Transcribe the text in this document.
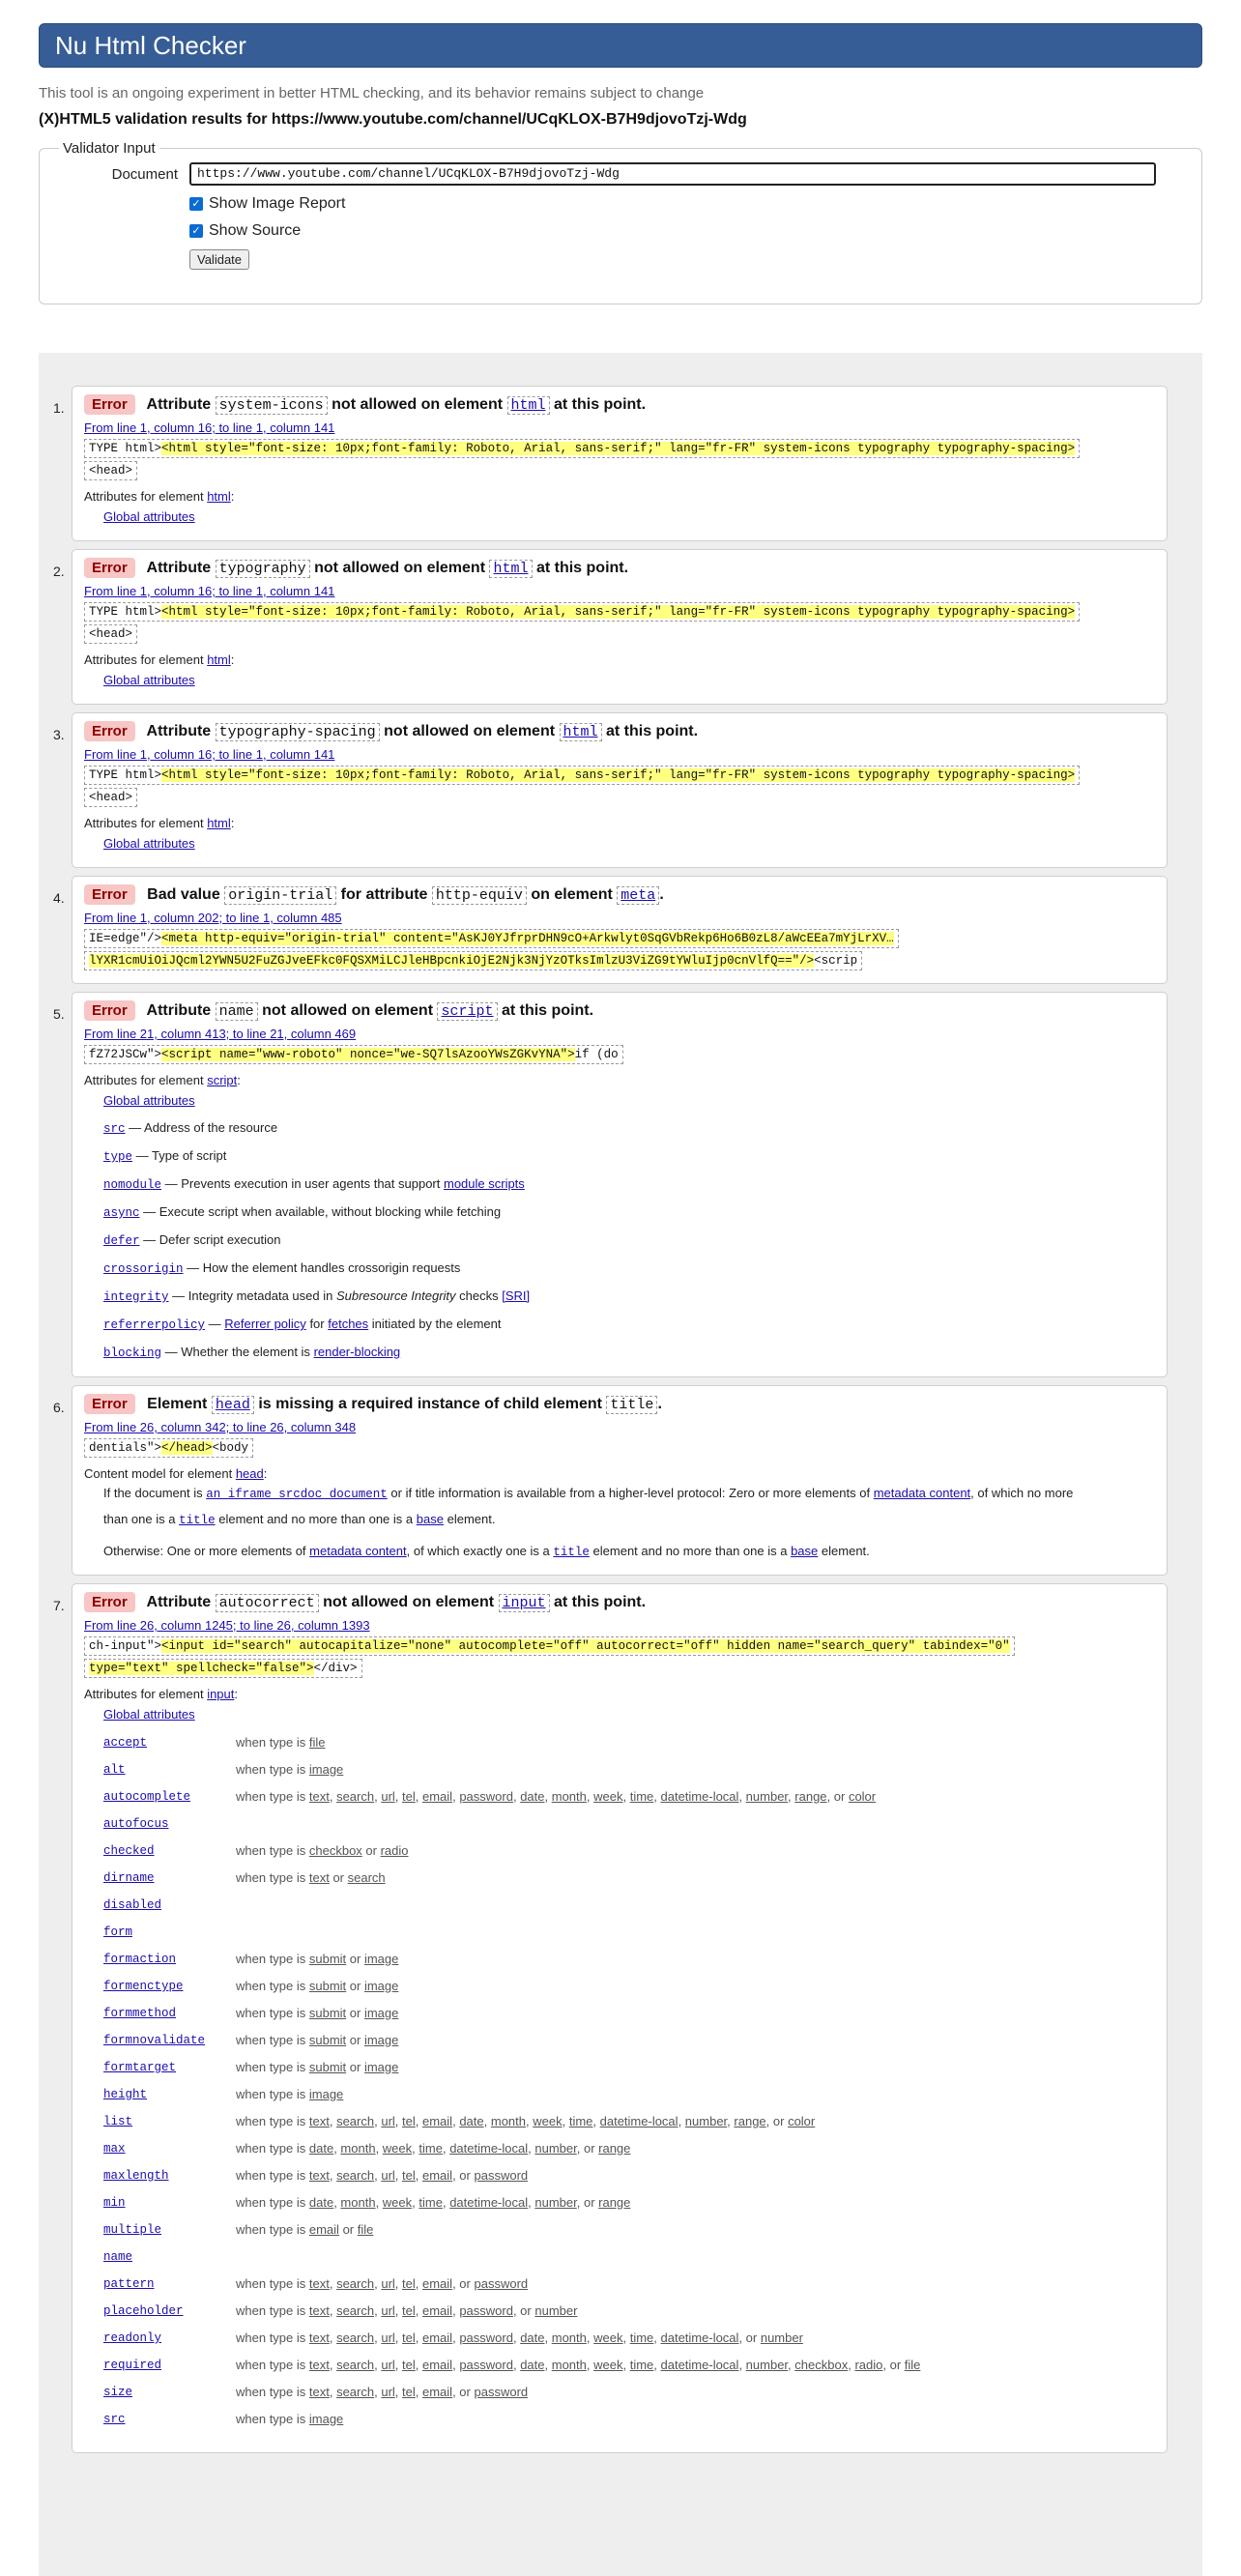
Nu Html Checker
This tool is an ongoing experiment in better HTML checking, and its behavior remains subject to change
(X)HTML5 validation results for https://www.youtube.com/channel/UCqKLOX-B7H9djovoTzj-Wdg
Validator Input
Document	https://www.youtube.com/channel/UCqKLOX-B7H9djovoTzj-Wdg
✓ Show Image Report
✓ Show Source
Validate
1.	Error Attribute system-icons not allowed on element html at this point.
From line 1, column 16; to line 1, column 141
TYPE html><html style="font-size: 10px;font-family: Roboto, Arial, sans-serif;" lang="fr-FR" system-icons typography typography-spacing>
<head>
Attributes for element html:
Global attributes
2.	Error Attribute typography not allowed on element html at this point.
From line 1, column 16; to line 1, column 141
TYPE html><html style="font-size: 10px;font-family: Roboto, Arial, sans-serif;" lang="fr-FR" system-icons typography typography-spacing>
<head>
Attributes for element html:
Global attributes
3.	Error Attribute typography-spacing not allowed on element html at this point.
From line 1, column 16; to line 1, column 141
TYPE html><html style="font-size: 10px;font-family: Roboto, Arial, sans-serif;" lang="fr-FR" system-icons typography typography-spacing>
<head>
Attributes for element html:
Global attributes
4.	Error Bad value origin-trial for attribute http-equiv on element meta .
From line 1, column 202; to line 1, column 485
IE=edge"/><meta http-equiv="origin-trial" content="AsKJ0YJfrprDHN9cO+Arkwlyt0SqGVbRekp6Ho6B0zL8/aWcEEa7mYjLrXV…
lYXR1cmUiOiJQcml2YWN5U2FuZGJveEFkc0FQSXMiLCJleHBpcnkiOjE2Njk3NjYzOTksImlzU3ViZG9tYWluIjp0cnVlfQ=="/><scrip
5.	Error Attribute name not allowed on element script at this point.
From line 21, column 413; to line 21, column 469
fZ72JSCw"><script name="www-roboto" nonce="we-SQ7lsAzooYWsZGKvYNA">if (do
Attributes for element script:
Global attributes
src — Address of the resource
type — Type of script
nomodule — Prevents execution in user agents that support module scripts
async — Execute script when available, without blocking while fetching
defer — Defer script execution
crossorigin — How the element handles crossorigin requests
integrity — Integrity metadata used in Subresource Integrity checks [SRI]
referrerpolicy — Referrer policy for fetches initiated by the element
blocking — Whether the element is render-blocking
6.	Error Element head is missing a required instance of child element title .
From line 26, column 342; to line 26, column 348
dentials"></head><body
Content model for element head:
If the document is an iframe srcdoc document or if title information is available from a higher-level protocol: Zero or more elements of metadata content, of which no more
than one is a title element and no more than one is a base element.
Otherwise: One or more elements of metadata content, of which exactly one is a title element and no more than one is a base element.
7.	Error Attribute autocorrect not allowed on element input at this point.
From line 26, column 1245; to line 26, column 1393
ch-input"><input id="search" autocapitalize="none" autocomplete="off" autocorrect="off" hidden name="search_query" tabindex="0"
type="text" spellcheck="false"></div>
Attributes for element input:
Global attributes
accept	when type is file
alt	when type is image
autocomplete	when type is text, search, url, tel, email, password, date, month, week, time, datetime-local, number, range, or color
autofocus
checked	when type is checkbox or radio
dirname	when type is text or search
disabled
form
formaction	when type is submit or image
formenctype	when type is submit or image
formmethod	when type is submit or image
formnovalidate	when type is submit or image
formtarget	when type is submit or image
height	when type is image
list	when type is text, search, url, tel, email, date, month, week, time, datetime-local, number, range, or color
max	when type is date, month, week, time, datetime-local, number, or range
maxlength	when type is text, search, url, tel, email, or password
min	when type is date, month, week, time, datetime-local, number, or range
multiple	when type is email or file
name
pattern	when type is text, search, url, tel, email, or password
placeholder	when type is text, search, url, tel, email, password, or number
readonly	when type is text, search, url, tel, email, password, date, month, week, time, datetime-local, or number
required	when type is text, search, url, tel, email, password, date, month, week, time, datetime-local, number, checkbox, radio, or file
size	when type is text, search, url, tel, email, or password
src	when type is image
